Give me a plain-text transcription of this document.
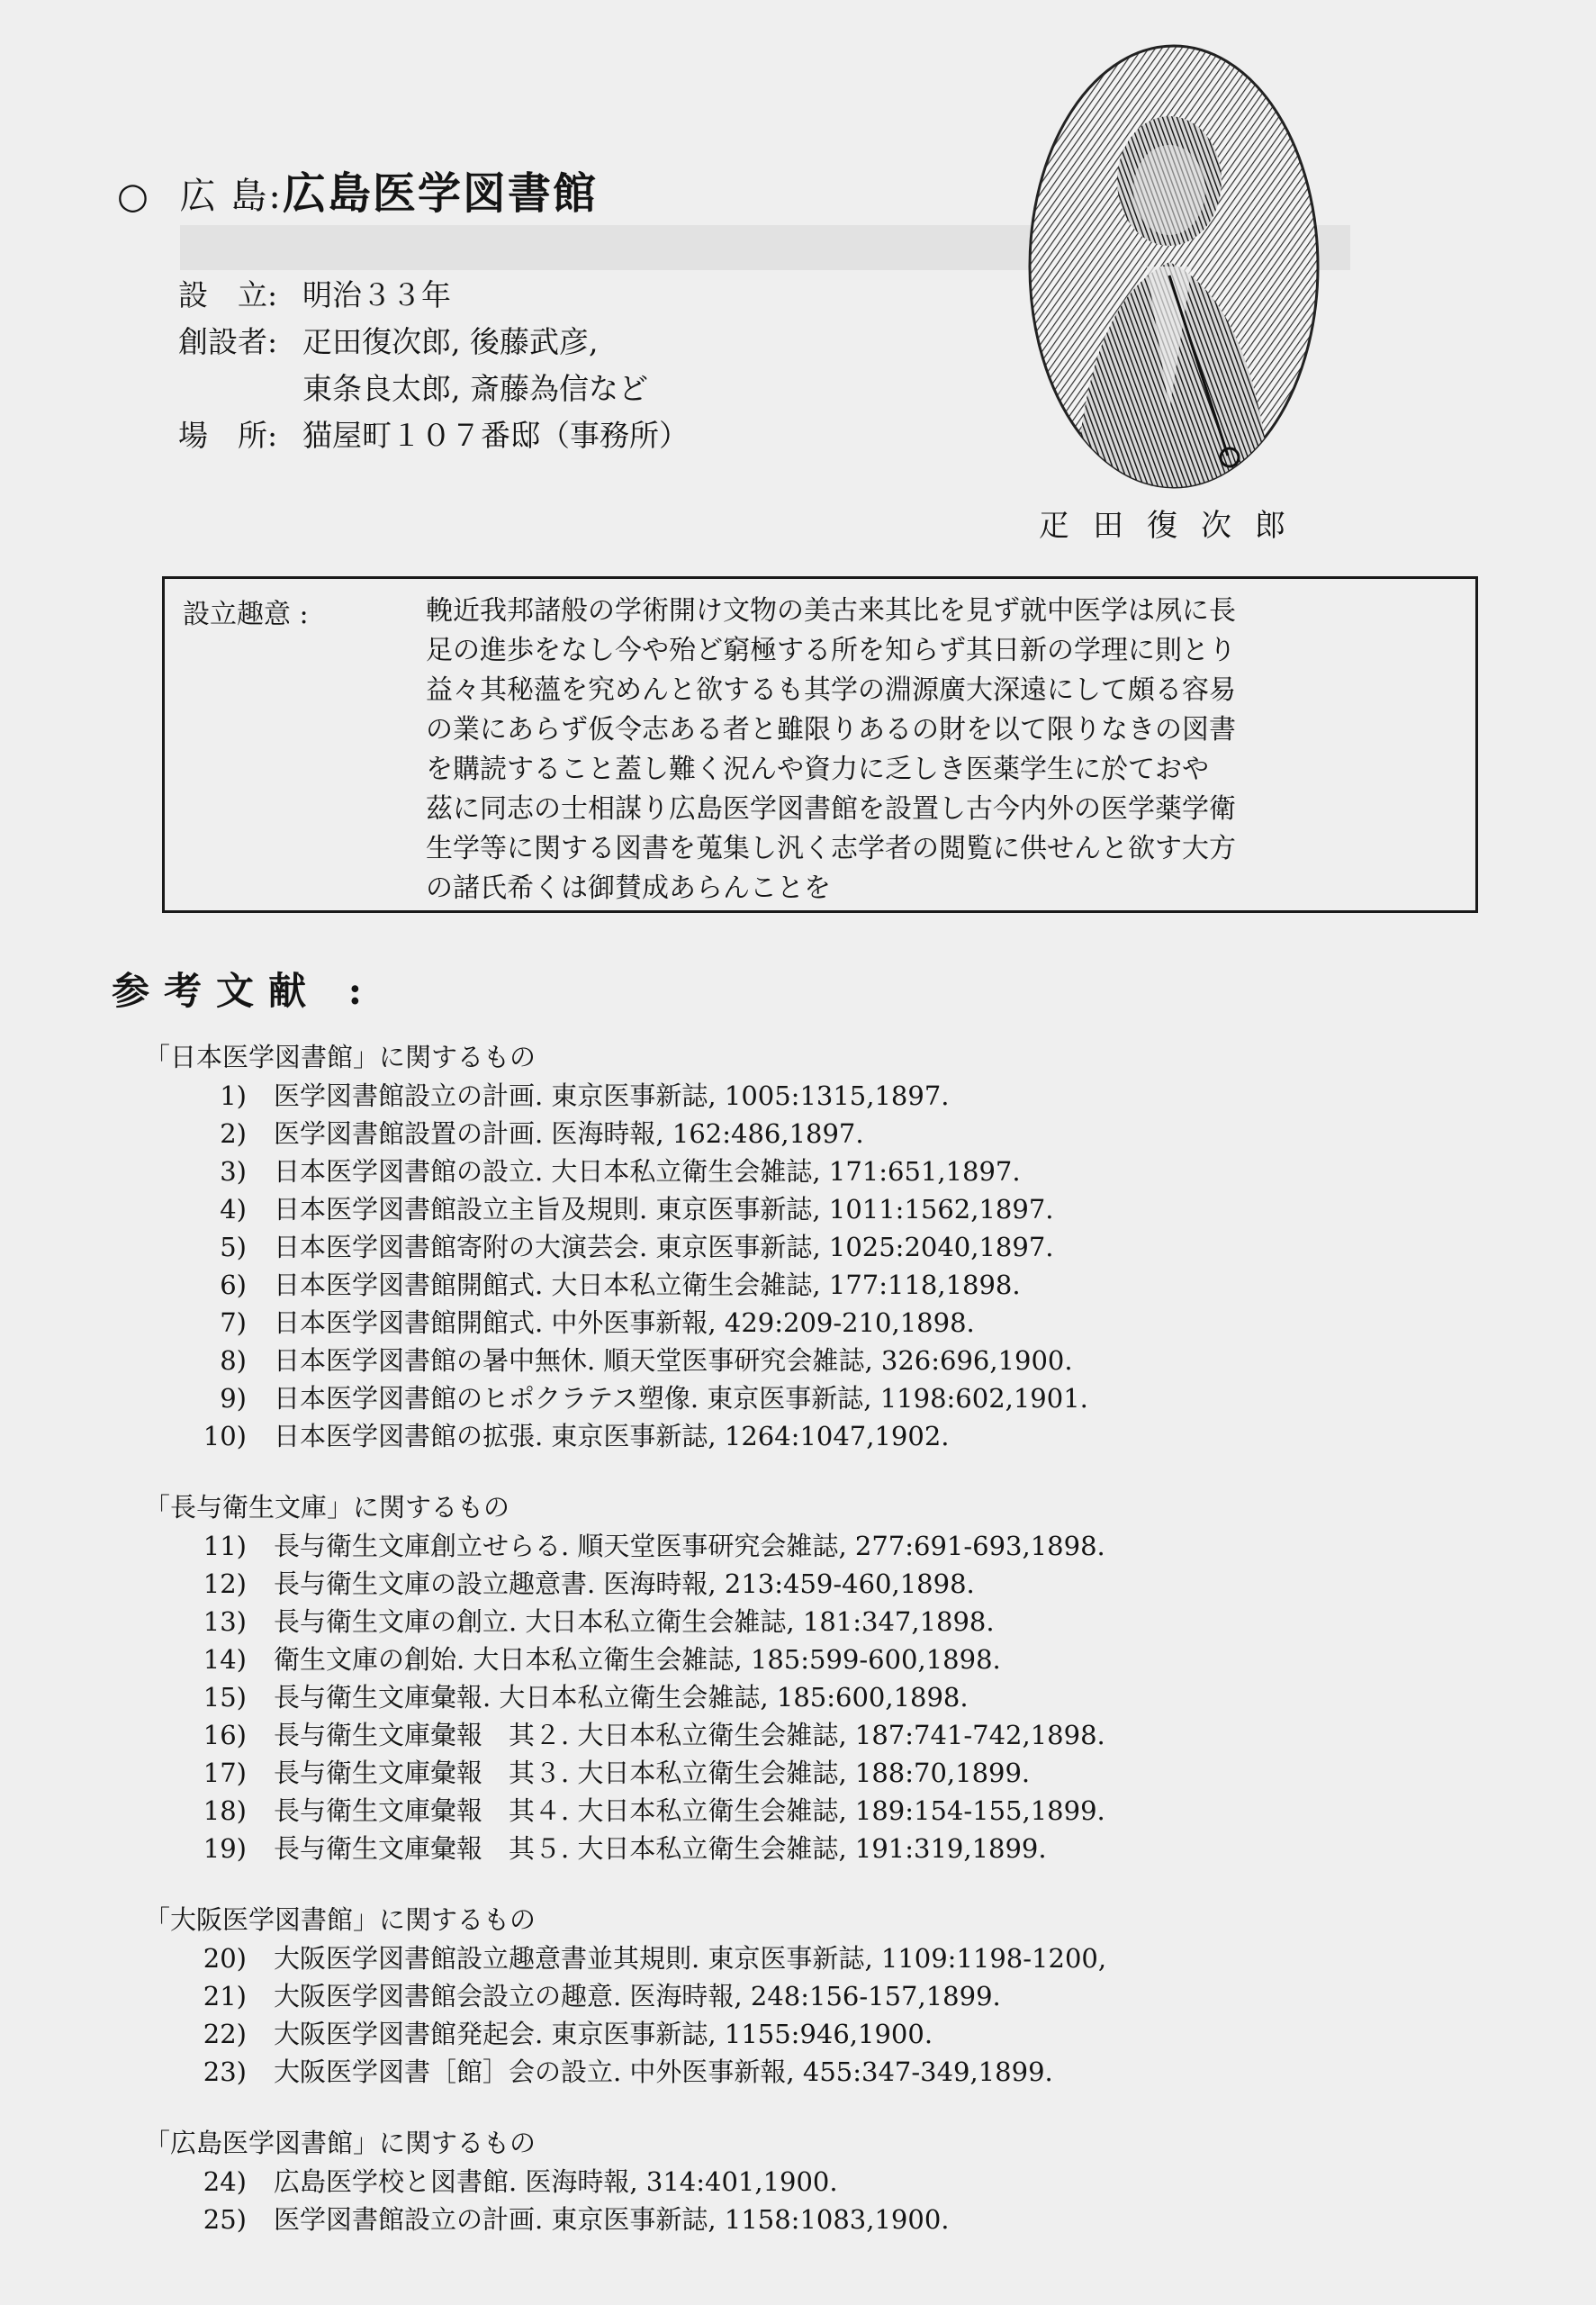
○ 広 島:広島医学図書館
設　立: 明治３３年
創設者: 疋田復次郎, 後藤武彦,
東条良太郎, 斎藤為信など
場　所: 猫屋町１０７番邸（事務所）
疋田復次郎
設立趣意 :	輓近我邦諸般の学術開け文物の美古来其比を見ず就中医学は夙に長
足の進歩をなし今や殆ど窮極する所を知らず其日新の学理に則とり
益々其秘薀を究めんと欲するも其学の淵源廣大深遠にして頗る容易
の業にあらず仮令志ある者と雖限りあるの財を以て限りなきの図書
を購読すること蓋し難く況んや資力に乏しき医薬学生に於ておや
茲に同志の士相謀り広島医学図書館を設置し古今内外の医学薬学衛
生学等に関する図書を蒐集し汎く志学者の閲覧に供せんと欲す大方
の諸氏希くは御賛成あらんことを
参考文献 :
「日本医学図書館」に関するもの
1) 医学図書館設立の計画. 東京医事新誌, 1005:1315,1897.
2) 医学図書館設置の計画. 医海時報, 162:486,1897.
3) 日本医学図書館の設立. 大日本私立衛生会雑誌, 171:651,1897.
4) 日本医学図書館設立主旨及規則. 東京医事新誌, 1011:1562,1897.
5) 日本医学図書館寄附の大演芸会. 東京医事新誌, 1025:2040,1897.
6) 日本医学図書館開館式. 大日本私立衛生会雑誌, 177:118,1898.
7) 日本医学図書館開館式. 中外医事新報, 429:209-210,1898.
8) 日本医学図書館の暑中無休. 順天堂医事研究会雑誌, 326:696,1900.
9) 日本医学図書館のヒポクラテス塑像. 東京医事新誌, 1198:602,1901.
10) 日本医学図書館の拡張. 東京医事新誌, 1264:1047,1902.
「長与衛生文庫」に関するもの
11) 長与衛生文庫創立せらる. 順天堂医事研究会雑誌, 277:691-693,1898.
12) 長与衛生文庫の設立趣意書. 医海時報, 213:459-460,1898.
13) 長与衛生文庫の創立. 大日本私立衛生会雑誌, 181:347,1898.
14) 衛生文庫の創始. 大日本私立衛生会雑誌, 185:599-600,1898.
15) 長与衛生文庫彙報. 大日本私立衛生会雑誌, 185:600,1898.
16) 長与衛生文庫彙報　其２. 大日本私立衛生会雑誌, 187:741-742,1898.
17) 長与衛生文庫彙報　其３. 大日本私立衛生会雑誌, 188:70,1899.
18) 長与衛生文庫彙報　其４. 大日本私立衛生会雑誌, 189:154-155,1899.
19) 長与衛生文庫彙報　其５. 大日本私立衛生会雑誌, 191:319,1899.
「大阪医学図書館」に関するもの
20) 大阪医学図書館設立趣意書並其規則. 東京医事新誌, 1109:1198-1200,
21) 大阪医学図書館会設立の趣意. 医海時報, 248:156-157,1899.
22) 大阪医学図書館発起会. 東京医事新誌, 1155:946,1900.
23) 大阪医学図書［館］会の設立. 中外医事新報, 455:347-349,1899.
「広島医学図書館」に関するもの
24) 広島医学校と図書館. 医海時報, 314:401,1900.
25) 医学図書館設立の計画. 東京医事新誌, 1158:1083,1900.
